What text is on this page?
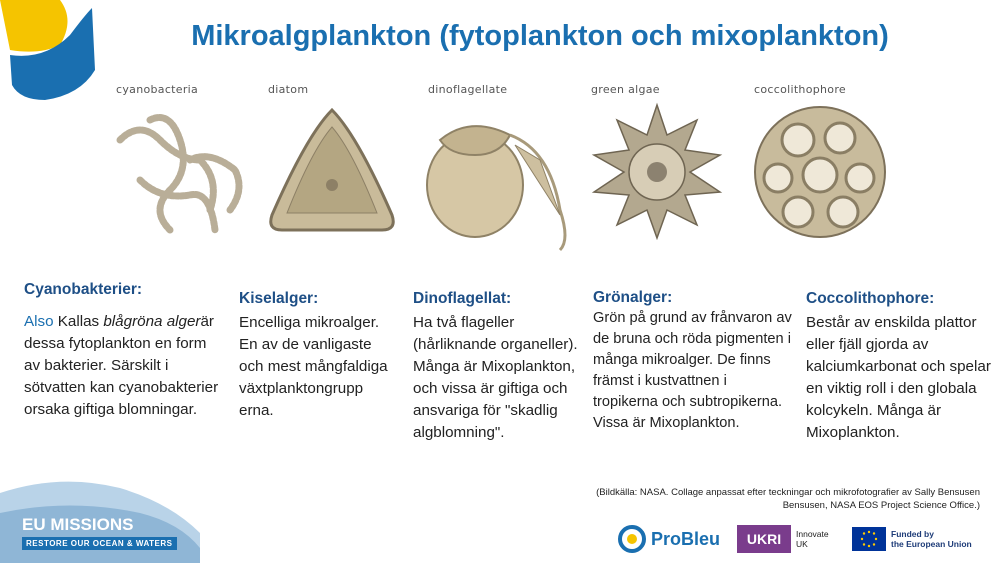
Mikroalgplankton (fytoplankton och mixoplankton)
cyanobacteria	diatom	dinoflagellate	green algae	coccolithophore
Cyanobakterier:
Also Kallas blågröna algerär dessa fytoplankton en form av bakterier. Särskilt i sötvatten kan cyanobakterier orsaka giftiga blomningar.
Kiselalger:
Encelliga mikroalger. En av de vanligaste och mest mångfaldiga växtplanktongrupp erna.
Dinoflagellat:
Ha två flageller (hårliknande organeller). Många är Mixoplankton, och vissa är giftiga och ansvariga för "skadlig algblomning".
Grönalger:
Grön på grund av frånvaron av de bruna och röda pigmenten i många mikroalger. De finns främst i kustvattnen i tropikerna och subtropikerna. Vissa är Mixoplankton.
Coccolithophore:
Består av enskilda plattor eller fjäll gjorda av kalciumkarbonat och spelar en viktig roll i den globala kolcykeln. Många är Mixoplankton.
(Bildkälla: NASA. Collage anpassat efter teckningar och mikrofotografier av Sally Bensusen Bensusen, NASA EOS Project Science Office.)
EU MISSIONS
RESTORE OUR OCEAN & WATERS	ProBleu	UKRI	Innovate
UK
Funded by
the European Union
